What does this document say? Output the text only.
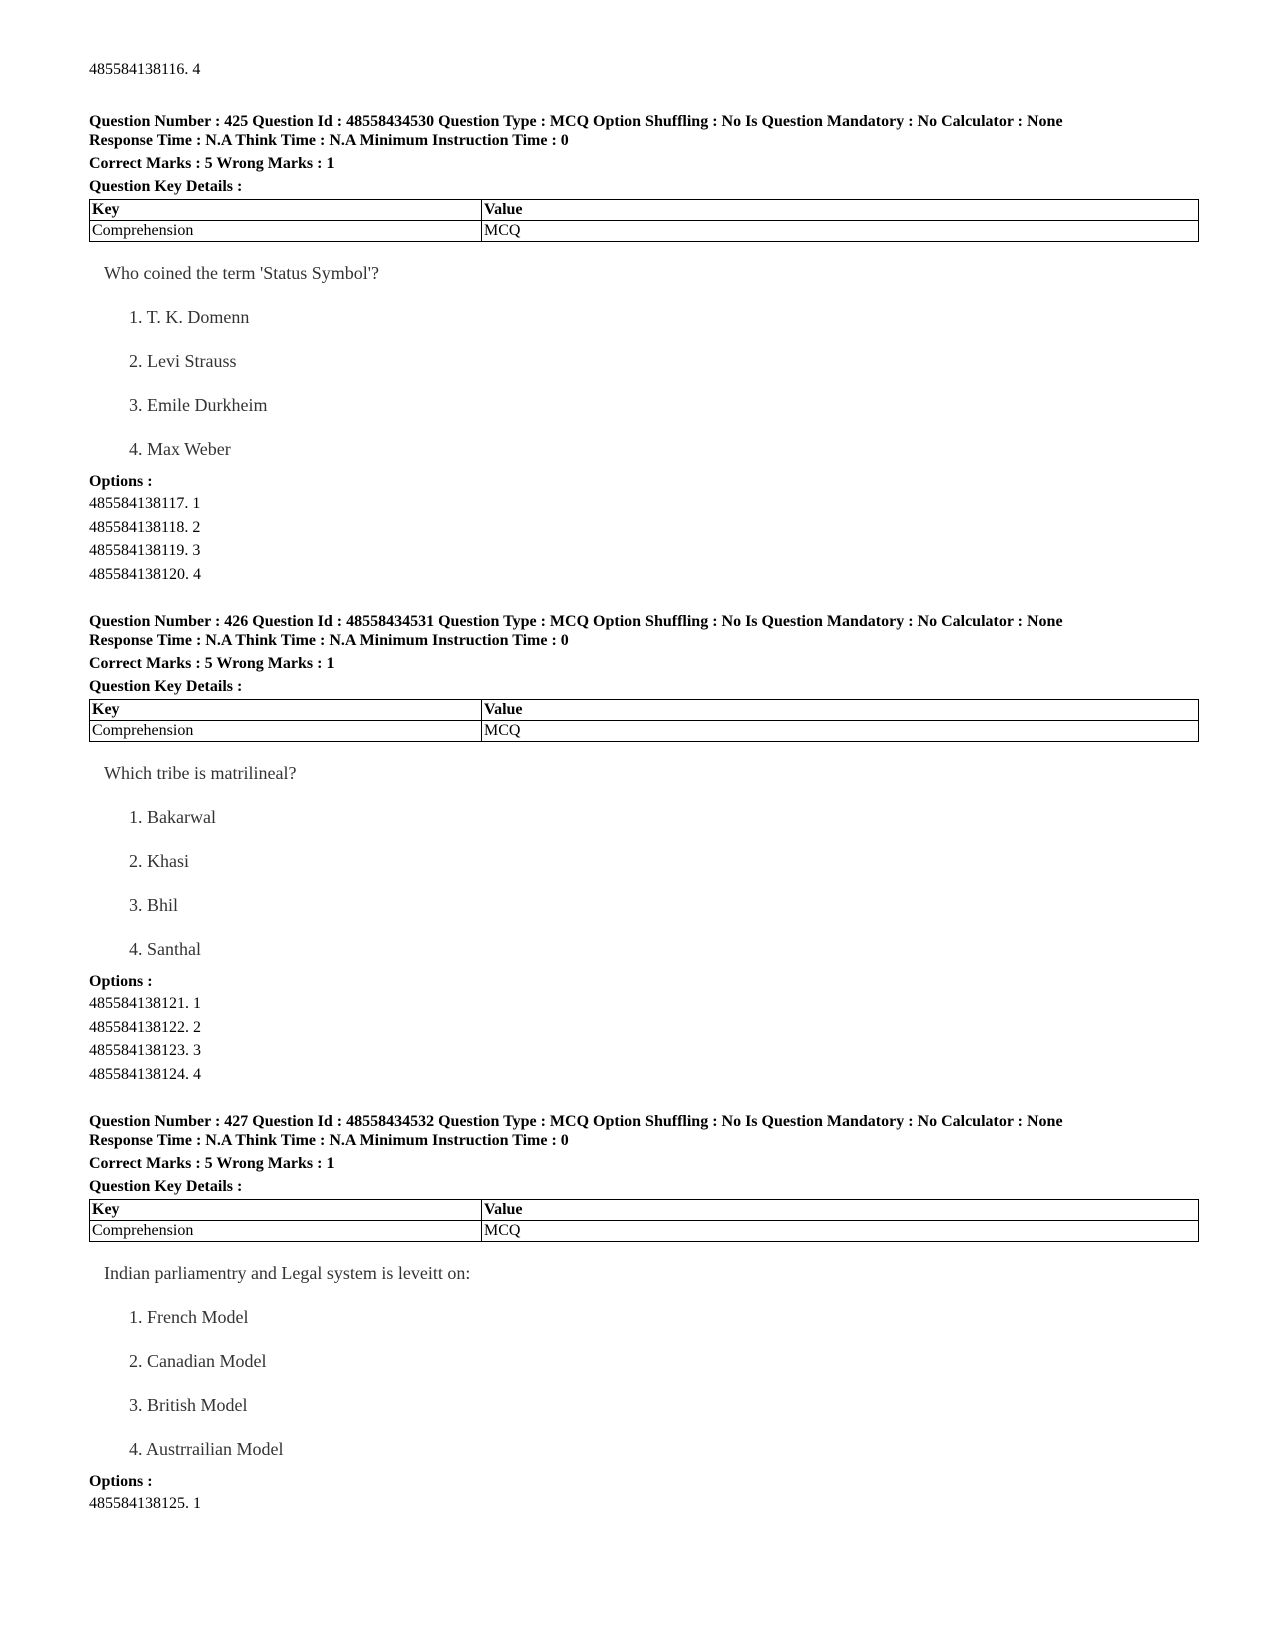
485584138116. 4
Question Number : 425 Question Id : 48558434530 Question Type : MCQ Option Shuffling : No Is Question Mandatory : No Calculator : None
Response Time : N.A Think Time : N.A Minimum Instruction Time : 0
Correct Marks : 5 Wrong Marks : 1
Question Key Details :
Key	Value
Comprehension	MCQ
Who coined the term 'Status Symbol'?
1. T. K. Domenn
2. Levi Strauss
3. Emile Durkheim
4. Max Weber
Options :
485584138117. 1
485584138118. 2
485584138119. 3
485584138120. 4
Question Number : 426 Question Id : 48558434531 Question Type : MCQ Option Shuffling : No Is Question Mandatory : No Calculator : None
Response Time : N.A Think Time : N.A Minimum Instruction Time : 0
Correct Marks : 5 Wrong Marks : 1
Question Key Details :
Key	Value
Comprehension	MCQ
Which tribe is matrilineal?
1. Bakarwal
2. Khasi
3. Bhil
4. Santhal
Options :
485584138121. 1
485584138122. 2
485584138123. 3
485584138124. 4
Question Number : 427 Question Id : 48558434532 Question Type : MCQ Option Shuffling : No Is Question Mandatory : No Calculator : None
Response Time : N.A Think Time : N.A Minimum Instruction Time : 0
Correct Marks : 5 Wrong Marks : 1
Question Key Details :
Key	Value
Comprehension	MCQ
Indian parliamentry and Legal system is leveitt on:
1. French Model
2. Canadian Model
3. British Model
4. Austrrailian Model
Options :
485584138125. 1
